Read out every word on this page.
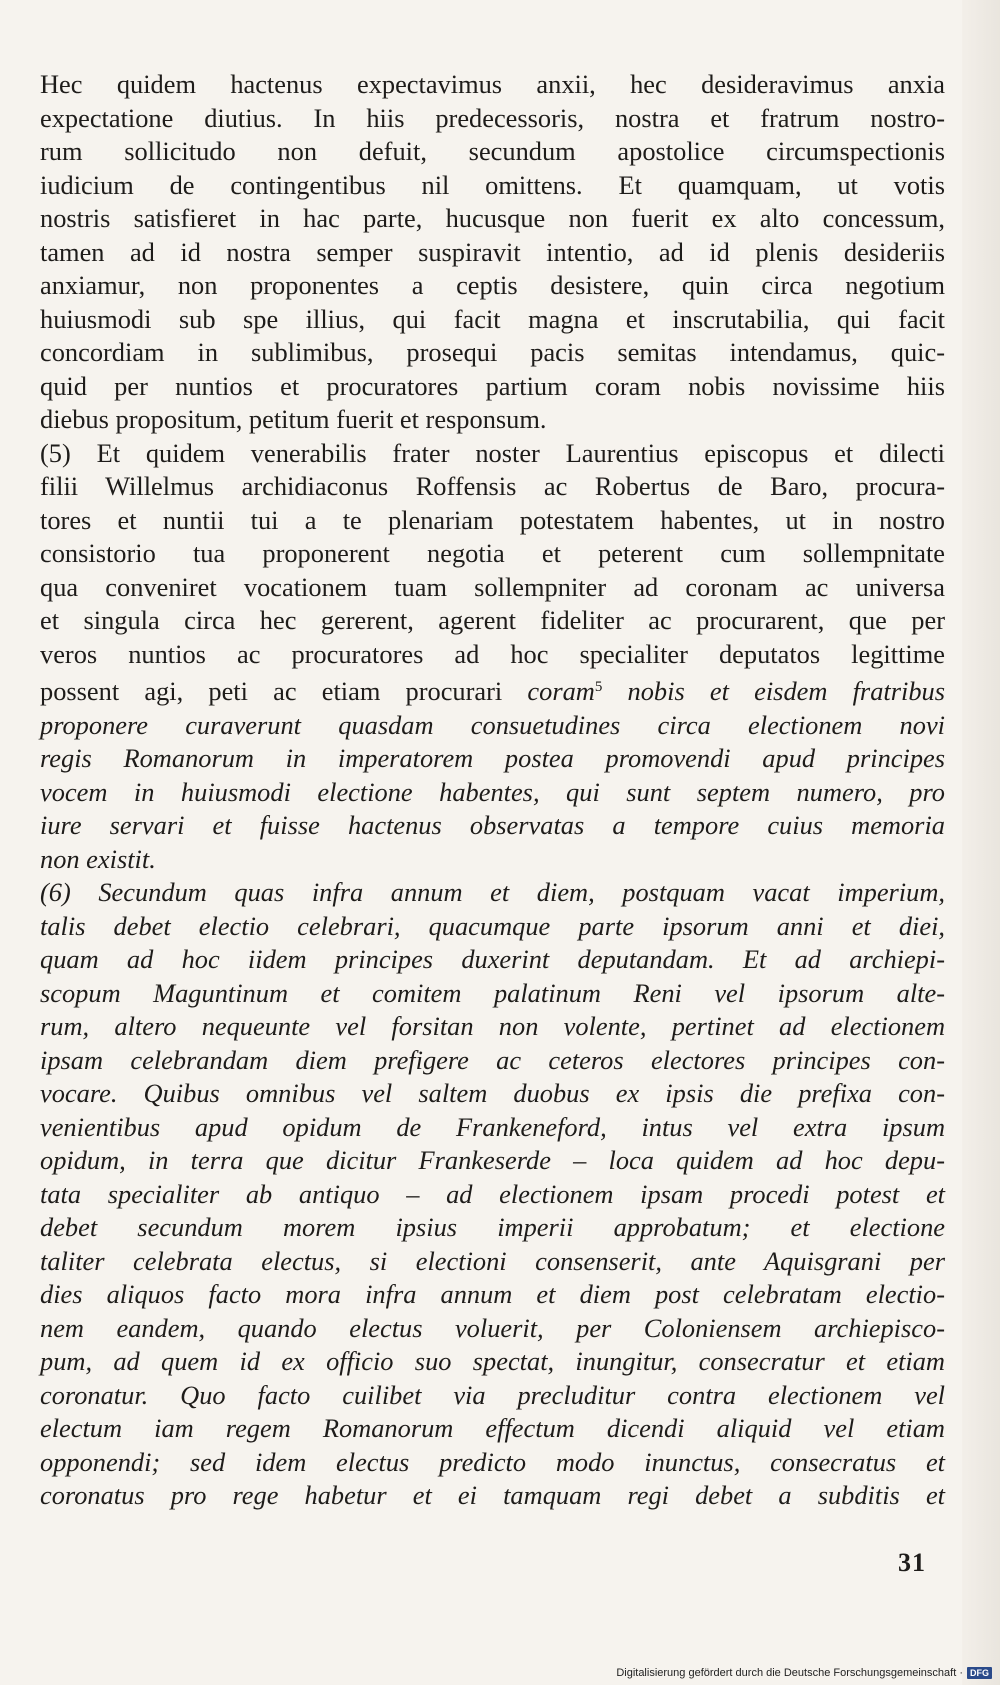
Hec quidem hactenus expectavimus anxii, hec desideravimus anxia
expectatione diutius. In hiis predecessoris, nostra et fratrum nostro-
rum sollicitudo non defuit, secundum apostolice circumspectionis
iudicium de contingentibus nil omittens. Et quamquam, ut votis
nostris satisfieret in hac parte, hucusque non fuerit ex alto concessum,
tamen ad id nostra semper suspiravit intentio, ad id plenis desideriis
anxiamur, non proponentes a ceptis desistere, quin circa negotium
huiusmodi sub spe illius, qui facit magna et inscrutabilia, qui facit
concordiam in sublimibus, prosequi pacis semitas intendamus, quic-
quid per nuntios et procuratores partium coram nobis novissime hiis
diebus propositum, petitum fuerit et responsum.
(5) Et quidem venerabilis frater noster Laurentius episcopus et dilecti
filii Willelmus archidiaconus Roffensis ac Robertus de Baro, procura-
tores et nuntii tui a te plenariam potestatem habentes, ut in nostro
consistorio tua proponerent negotia et peterent cum sollempnitate
qua conveniret vocationem tuam sollempniter ad coronam ac universa
et singula circa hec gererent, agerent fideliter ac procurarent, que per
veros nuntios ac procuratores ad hoc specialiter deputatos legittime
possent agi, peti ac etiam procurari coram$^5$ nobis et eisdem fratribus
proponere curaverunt quasdam consuetudines circa electionem novi
regis Romanorum in imperatorem postea promovendi apud principes
vocem in huiusmodi electione habentes, qui sunt septem numero, pro
iure servari et fuisse hactenus observatas a tempore cuius memoria
non existit.
(6) Secundum quas infra annum et diem, postquam vacat imperium,
talis debet electio celebrari, quacumque parte ipsorum anni et diei,
quam ad hoc iidem principes duxerint deputandam. Et ad archiepi-
scopum Maguntinum et comitem palatinum Reni vel ipsorum alte-
rum, altero nequeunte vel forsitan non volente, pertinet ad electionem
ipsam celebrandam diem prefigere ac ceteros electores principes con-
vocare. Quibus omnibus vel saltem duobus ex ipsis die prefixa con-
venientibus apud opidum de Frankeneford, intus vel extra ipsum
opidum, in terra que dicitur Frankeserde – loca quidem ad hoc depu-
tata specialiter ab antiquo – ad electionem ipsam procedi potest et
debet secundum morem ipsius imperii approbatum; et electione
taliter celebrata electus, si electioni consenserit, ante Aquisgrani per
dies aliquos facto mora infra annum et diem post celebratam electio-
nem eandem, quando electus voluerit, per Coloniensem archiepisco-
pum, ad quem id ex officio suo spectat, inungitur, consecratur et etiam
coronatur. Quo facto cuilibet via precluditur contra electionem vel
electum iam regem Romanorum effectum dicendi aliquid vel etiam
opponendi; sed idem electus predicto modo inunctus, consecratus et
coronatus pro rege habetur et ei tamquam regi debet a subditis et
31
Digitalisierung gefördert durch die Deutsche Forschungsgemeinschaft · DFG
